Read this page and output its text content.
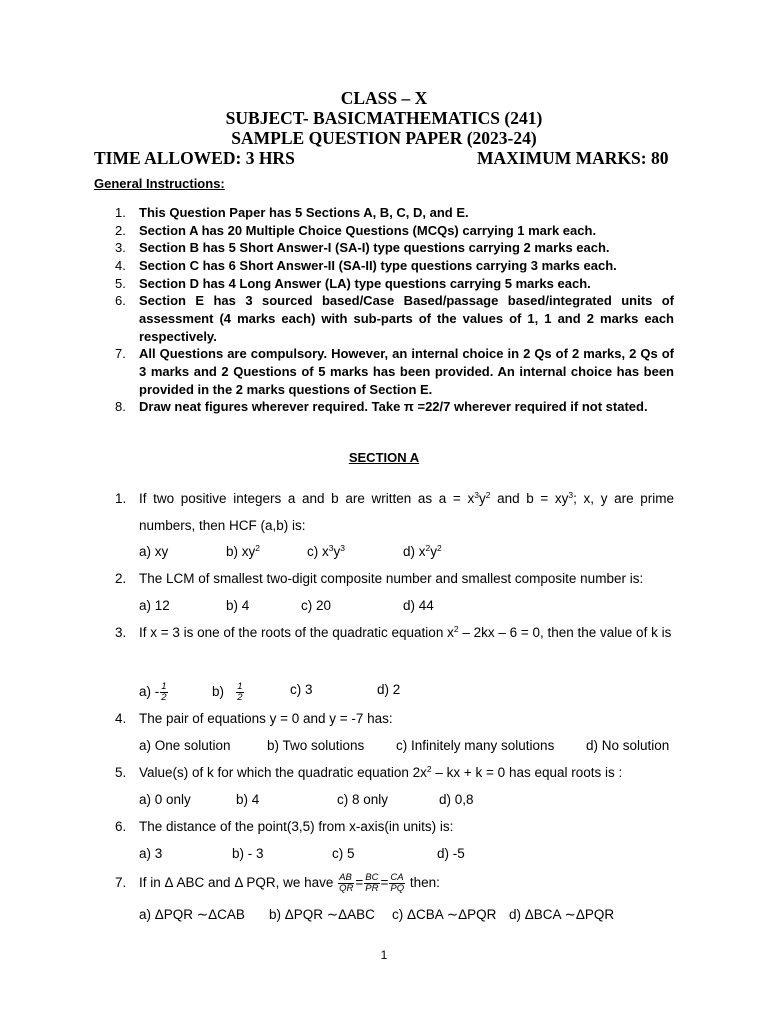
CLASS – X
SUBJECT- BASICMATHEMATICS (241)
SAMPLE QUESTION PAPER (2023-24)
TIME ALLOWED: 3 HRS	MAXIMUM MARKS: 80
General Instructions:
1.	This Question Paper has 5 Sections A, B, C, D, and E.
2.	Section A has 20 Multiple Choice Questions (MCQs) carrying 1 mark each.
3.	Section B has 5 Short Answer-I (SA-I) type questions carrying 2 marks each.
4.	Section C has 6 Short Answer-II (SA-II) type questions carrying 3 marks each.
5.	Section D has 4 Long Answer (LA) type questions carrying 5 marks each.
6.	Section E has 3 sourced based/Case Based/passage based/integrated units of assessment (4 marks each) with sub-parts of the values of 1, 1 and 2 marks each respectively.
7.	All Questions are compulsory. However, an internal choice in 2 Qs of 2 marks, 2 Qs of 3 marks and 2 Questions of 5 marks has been provided. An internal choice has been provided in the 2 marks questions of Section E.
8.	Draw neat figures wherever required. Take π =22/7 wherever required if not stated.
SECTION A
1. If two positive integers a and b are written as $a = x^3y^2$ and $b = xy^3$; x, y are prime numbers, then HCF (a,b) is:
a) xy	b) $xy^2$	c) $x^3y^3$	d) $x^2y^2$
2. The LCM of smallest two-digit composite number and smallest composite number is:
a) 12	b) 4	c) 20	d) 44
3. If x = 3 is one of the roots of the quadratic equation $x^2 - 2kx - 6 = 0$, then the value of k is
$a) - \frac{1}{2}$	$b) \frac{1}{2}$	c) 3	d) 2
4. The pair of equations y = 0 and y = -7 has:
a) One solution	b) Two solutions c) Infinitely many solutions d) No solution
5. Value(s) of k for which the quadratic equation $2x^2$ – kx + k = 0 has equal roots is :
a) 0 only	b) 4	c) 8 only	d) 0,8
6. The distance of the point(3,5) from x-axis(in units) is:
a) 3	b) - 3	c) 5	d) -5
7. If in Δ ABC and Δ PQR, we have $\frac{AB}{QR} = \frac{BC}{PR} = \frac{CA}{PQ}$ then:
a) ΔPQR ∼ΔCAB b) ΔPQR ∼ΔABC c) ΔCBA ∼ΔPQR d) ΔBCA ∼ΔPQR
1
